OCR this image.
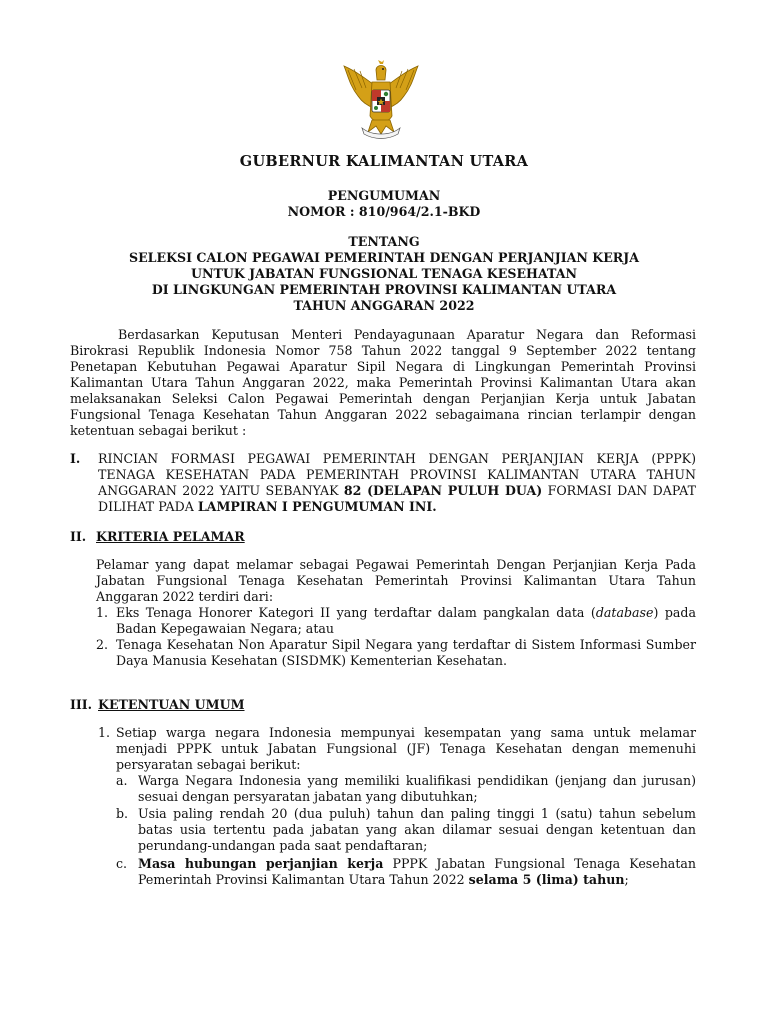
GUBERNUR KALIMANTAN UTARA
PENGUMUMAN
NOMOR : 810/964/2.1-BKD
TENTANG
SELEKSI CALON PEGAWAI PEMERINTAH DENGAN PERJANJIAN KERJA
UNTUK JABATAN FUNGSIONAL TENAGA KESEHATAN
DI LINGKUNGAN PEMERINTAH PROVINSI KALIMANTAN UTARA
TAHUN ANGGARAN 2022
Berdasarkan Keputusan Menteri Pendayagunaan Aparatur Negara dan Reformasi Birokrasi Republik Indonesia Nomor 758 Tahun 2022 tanggal 9 September 2022 tentang Penetapan Kebutuhan Pegawai Aparatur Sipil Negara di Lingkungan Pemerintah Provinsi Kalimantan Utara Tahun Anggaran 2022, maka Pemerintah Provinsi Kalimantan Utara akan melaksanakan Seleksi Calon Pegawai Pemerintah dengan Perjanjian Kerja untuk Jabatan Fungsional Tenaga Kesehatan Tahun Anggaran 2022 sebagaimana rincian terlampir dengan ketentuan sebagai berikut :
I. RINCIAN FORMASI PEGAWAI PEMERINTAH DENGAN PERJANJIAN KERJA (PPPK) TENAGA KESEHATAN PADA PEMERINTAH PROVINSI KALIMANTAN UTARA TAHUN ANGGARAN 2022 YAITU SEBANYAK 82 (DELAPAN PULUH DUA) FORMASI DAN DAPAT DILIHAT PADA LAMPIRAN I PENGUMUMAN INI.
II. KRITERIA PELAMAR
Pelamar yang dapat melamar sebagai Pegawai Pemerintah Dengan Perjanjian Kerja Pada Jabatan Fungsional Tenaga Kesehatan Pemerintah Provinsi Kalimantan Utara Tahun Anggaran 2022 terdiri dari:
1. Eks Tenaga Honorer Kategori II yang terdaftar dalam pangkalan data (database) pada Badan Kepegawaian Negara; atau
2. Tenaga Kesehatan Non Aparatur Sipil Negara yang terdaftar di Sistem Informasi Sumber Daya Manusia Kesehatan (SISDMK) Kementerian Kesehatan.
III. KETENTUAN UMUM
1. Setiap warga negara Indonesia mempunyai kesempatan yang sama untuk melamar menjadi PPPK untuk Jabatan Fungsional (JF) Tenaga Kesehatan dengan memenuhi persyaratan sebagai berikut:
a. Warga Negara Indonesia yang memiliki kualifikasi pendidikan (jenjang dan jurusan) sesuai dengan persyaratan jabatan yang dibutuhkan;
b. Usia paling rendah 20 (dua puluh) tahun dan paling tinggi 1 (satu) tahun sebelum batas usia tertentu pada jabatan yang akan dilamar sesuai dengan ketentuan dan perundang-undangan pada saat pendaftaran;
c. Masa hubungan perjanjian kerja PPPK Jabatan Fungsional Tenaga Kesehatan Pemerintah Provinsi Kalimantan Utara Tahun 2022 selama 5 (lima) tahun;
